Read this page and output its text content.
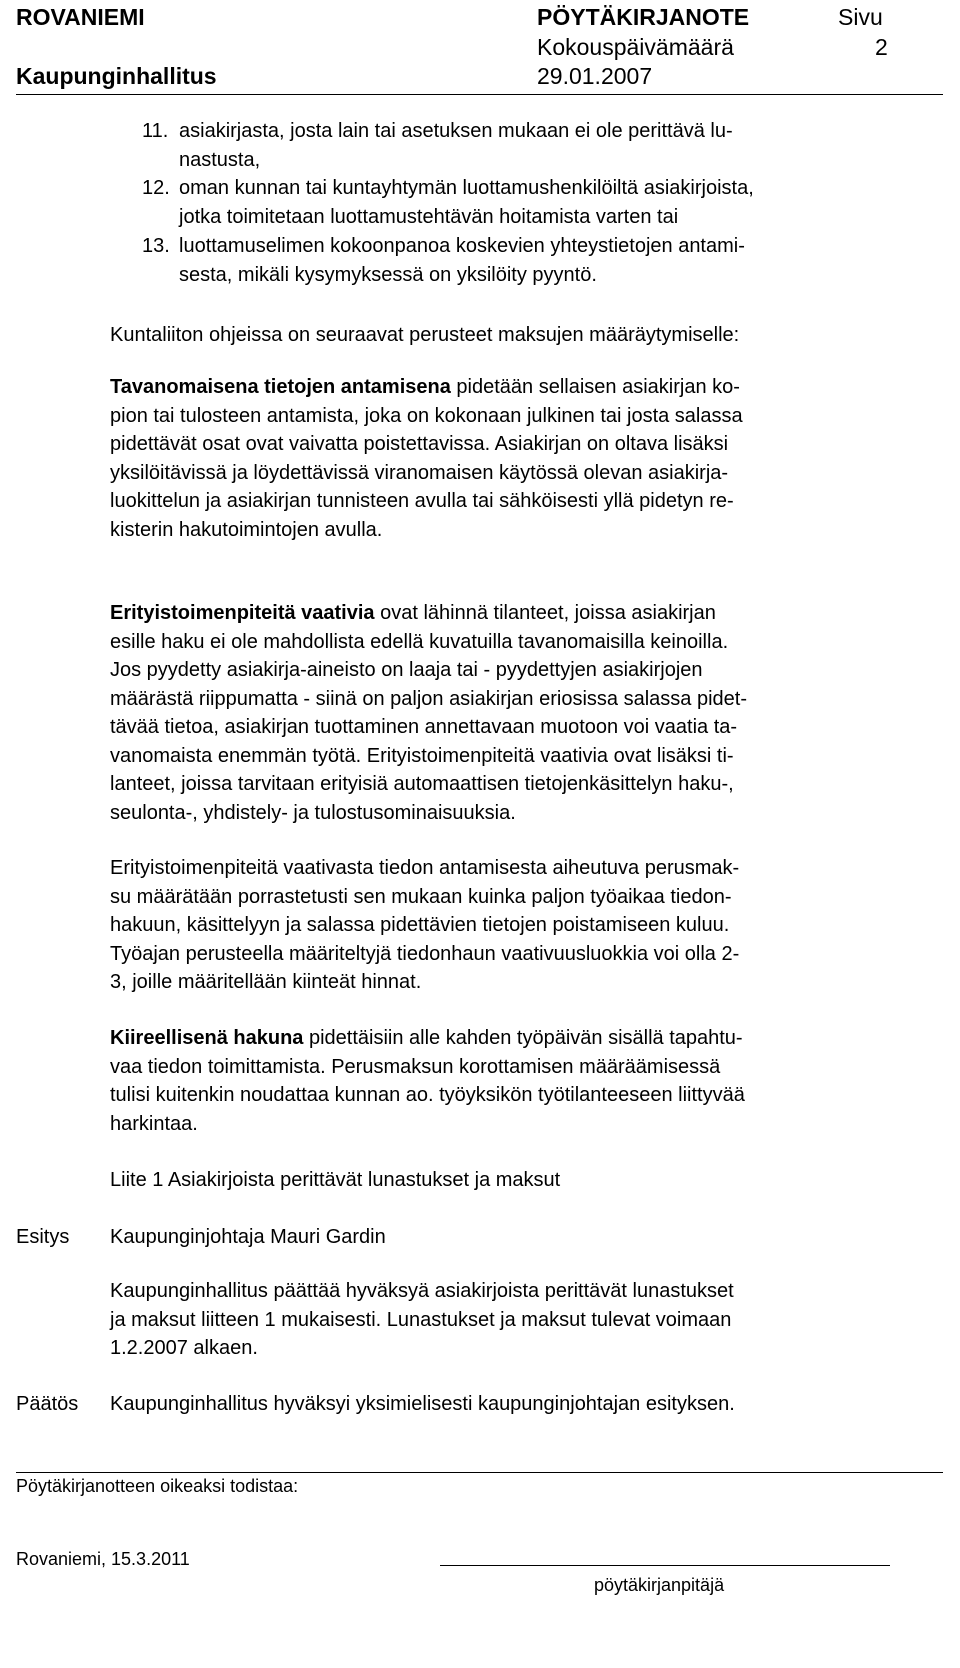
ROVANIEMI	PÖYTÄKIRJANOTE	Sivu
Kokouspäivämäärä	2
Kaupunginhallitus	29.01.2007
11. asiakirjasta, josta lain tai asetuksen mukaan ei ole perittävä lu-
nastusta,
12. oman kunnan tai kuntayhtymän luottamushenkilöiltä asiakirjoista,
jotka toimitetaan luottamustehtävän hoitamista varten tai
13. luottamuselimen kokoonpanoa koskevien yhteystietojen antami-
sesta, mikäli kysymyksessä on yksilöity pyyntö.
Kuntaliiton ohjeissa on seuraavat perusteet maksujen määräytymiselle:
Tavanomaisena tietojen antamisena pidetään sellaisen asiakirjan ko-
pion tai tulosteen antamista, joka on kokonaan julkinen tai josta salassa
pidettävät osat ovat vaivatta poistettavissa. Asiakirjan on oltava lisäksi
yksilöitävissä ja löydettävissä viranomaisen käytössä olevan asiakirja-
luokittelun ja asiakirjan tunnisteen avulla tai sähköisesti yllä pidetyn re-
kisterin hakutoimintojen avulla.
Erityistoimenpiteitä vaativia ovat lähinnä tilanteet, joissa asiakirjan
esille haku ei ole mahdollista edellä kuvatuilla tavanomaisilla keinoilla.
Jos pyydetty asiakirja-aineisto on laaja tai - pyydettyjen asiakirjojen
määrästä riippumatta - siinä on paljon asiakirjan eriosissa salassa pidet-
tävää tietoa, asiakirjan tuottaminen annettavaan muotoon voi vaatia ta-
vanomaista enemmän työtä. Erityistoimenpiteitä vaativia ovat lisäksi ti-
lanteet, joissa tarvitaan erityisiä automaattisen tietojenkäsittelyn haku-,
seulonta-, yhdistely- ja tulostusominaisuuksia.
Erityistoimenpiteitä vaativasta tiedon antamisesta aiheutuva perusmak-
su määrätään porrastetusti sen mukaan kuinka paljon työaikaa tiedon-
hakuun, käsittelyyn ja salassa pidettävien tietojen poistamiseen kuluu.
Työajan perusteella määriteltyjä tiedonhaun vaativuusluokkia voi olla 2-
3, joille määritellään kiinteät hinnat.
Kiireellisenä hakuna pidettäisiin alle kahden työpäivän sisällä tapahtu-
vaa tiedon toimittamista. Perusmaksun korottamisen määräämisessä
tulisi kuitenkin noudattaa kunnan ao. työyksikön työtilanteeseen liittyvää
harkintaa.
Liite 1 Asiakirjoista perittävät lunastukset ja maksut
Esitys Kaupunginjohtaja Mauri Gardin
Kaupunginhallitus päättää hyväksyä asiakirjoista perittävät lunastukset
ja maksut liitteen 1 mukaisesti. Lunastukset ja maksut tulevat voimaan
1.2.2007 alkaen.
Päätös Kaupunginhallitus hyväksyi yksimielisesti kaupunginjohtajan esityksen.
Pöytäkirjanotteen oikeaksi todistaa:
Rovaniemi, 15.3.2011
pöytäkirjanpitäjä
